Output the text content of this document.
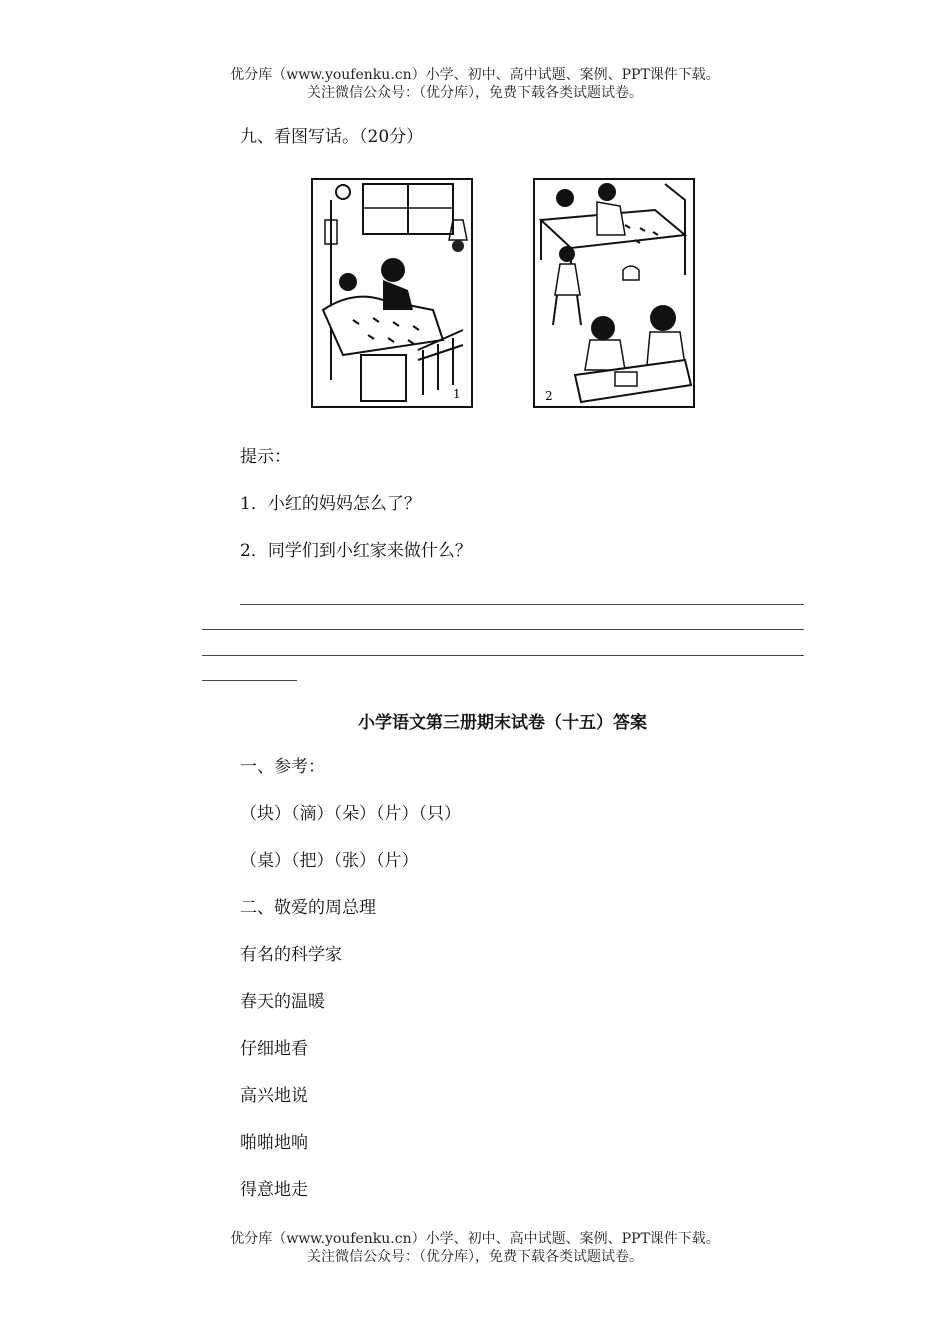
优分库（www.youfenku.cn）小学、初中、高中试题、案例、PPT课件下载。
关注微信公众号：（优分库），免费下载各类试题试卷。
九、看图写话。（20分）
1	2
提示：
1．小红的妈妈怎么了？
2．同学们到小红家来做什么？
小学语文第三册期末试卷（十五）答案
一、参考：
（块）（滴）（朵）（片）（只）
（桌）（把）（张）（片）
二、敬爱的周总理
有名的科学家
春天的温暖
仔细地看
高兴地说
啪啪地响
得意地走
优分库（www.youfenku.cn）小学、初中、高中试题、案例、PPT课件下载。
关注微信公众号：（优分库），免费下载各类试题试卷。
